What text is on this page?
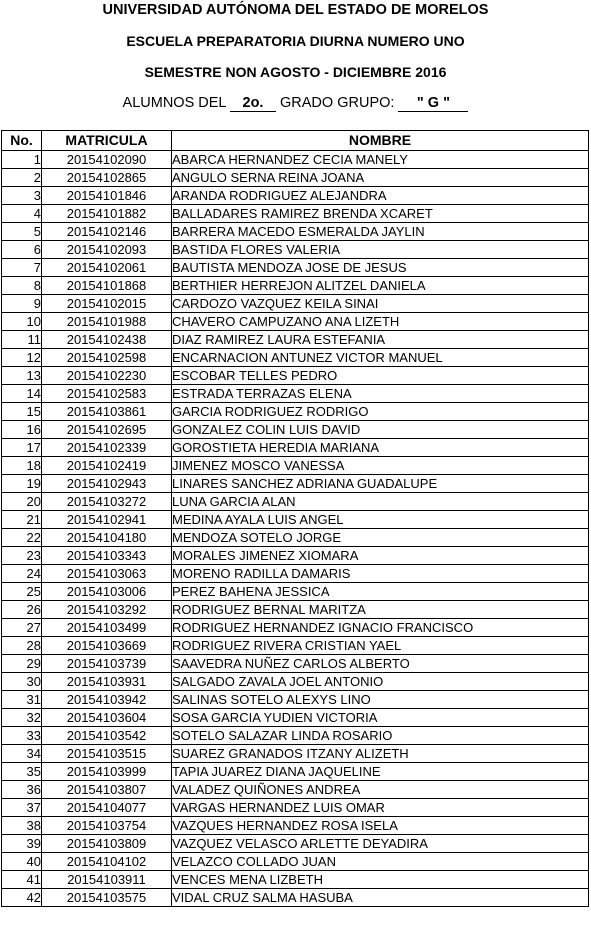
UNIVERSIDAD AUTÓNOMA DEL ESTADO DE MORELOS
ESCUELA PREPARATORIA DIURNA NUMERO UNO
SEMESTRE NON AGOSTO - DICIEMBRE 2016
ALUMNOS DEL 2o. GRADO GRUPO: " G "
No.	MATRICULA	NOMBRE
1	20154102090	ABARCA HERNANDEZ CECIA MANELY
2	20154102865	ANGULO SERNA REINA JOANA
3	20154101846	ARANDA RODRIGUEZ ALEJANDRA
4	20154101882	BALLADARES RAMIREZ BRENDA XCARET
5	20154102146	BARRERA MACEDO ESMERALDA JAYLIN
6	20154102093	BASTIDA FLORES VALERIA
7	20154102061	BAUTISTA MENDOZA JOSE DE JESUS
8	20154101868	BERTHIER HERREJON ALITZEL DANIELA
9	20154102015	CARDOZO VAZQUEZ KEILA SINAI
10	20154101988	CHAVERO CAMPUZANO ANA LIZETH
11	20154102438	DIAZ RAMIREZ LAURA ESTEFANIA
12	20154102598	ENCARNACION ANTUNEZ VICTOR MANUEL
13	20154102230	ESCOBAR TELLES PEDRO
14	20154102583	ESTRADA TERRAZAS ELENA
15	20154103861	GARCIA RODRIGUEZ RODRIGO
16	20154102695	GONZALEZ COLIN LUIS DAVID
17	20154102339	GOROSTIETA HEREDIA MARIANA
18	20154102419	JIMENEZ MOSCO VANESSA
19	20154102943	LINARES SANCHEZ ADRIANA GUADALUPE
20	20154103272	LUNA GARCIA ALAN
21	20154102941	MEDINA AYALA LUIS ANGEL
22	20154104180	MENDOZA SOTELO JORGE
23	20154103343	MORALES JIMENEZ XIOMARA
24	20154103063	MORENO RADILLA DAMARIS
25	20154103006	PEREZ BAHENA JESSICA
26	20154103292	RODRIGUEZ BERNAL MARITZA
27	20154103499	RODRIGUEZ HERNANDEZ IGNACIO FRANCISCO
28	20154103669	RODRIGUEZ RIVERA CRISTIAN YAEL
29	20154103739	SAAVEDRA NUÑEZ CARLOS ALBERTO
30	20154103931	SALGADO ZAVALA JOEL ANTONIO
31	20154103942	SALINAS SOTELO ALEXYS LINO
32	20154103604	SOSA GARCIA YUDIEN VICTORIA
33	20154103542	SOTELO SALAZAR LINDA ROSARIO
34	20154103515	SUAREZ GRANADOS ITZANY ALIZETH
35	20154103999	TAPIA JUAREZ DIANA JAQUELINE
36	20154103807	VALADEZ QUIÑONES ANDREA
37	20154104077	VARGAS HERNANDEZ LUIS OMAR
38	20154103754	VAZQUES HERNANDEZ ROSA ISELA
39	20154103809	VAZQUEZ VELASCO ARLETTE DEYADIRA
40	20154104102	VELAZCO COLLADO JUAN
41	20154103911	VENCES MENA LIZBETH
42	20154103575	VIDAL CRUZ SALMA HASUBA
